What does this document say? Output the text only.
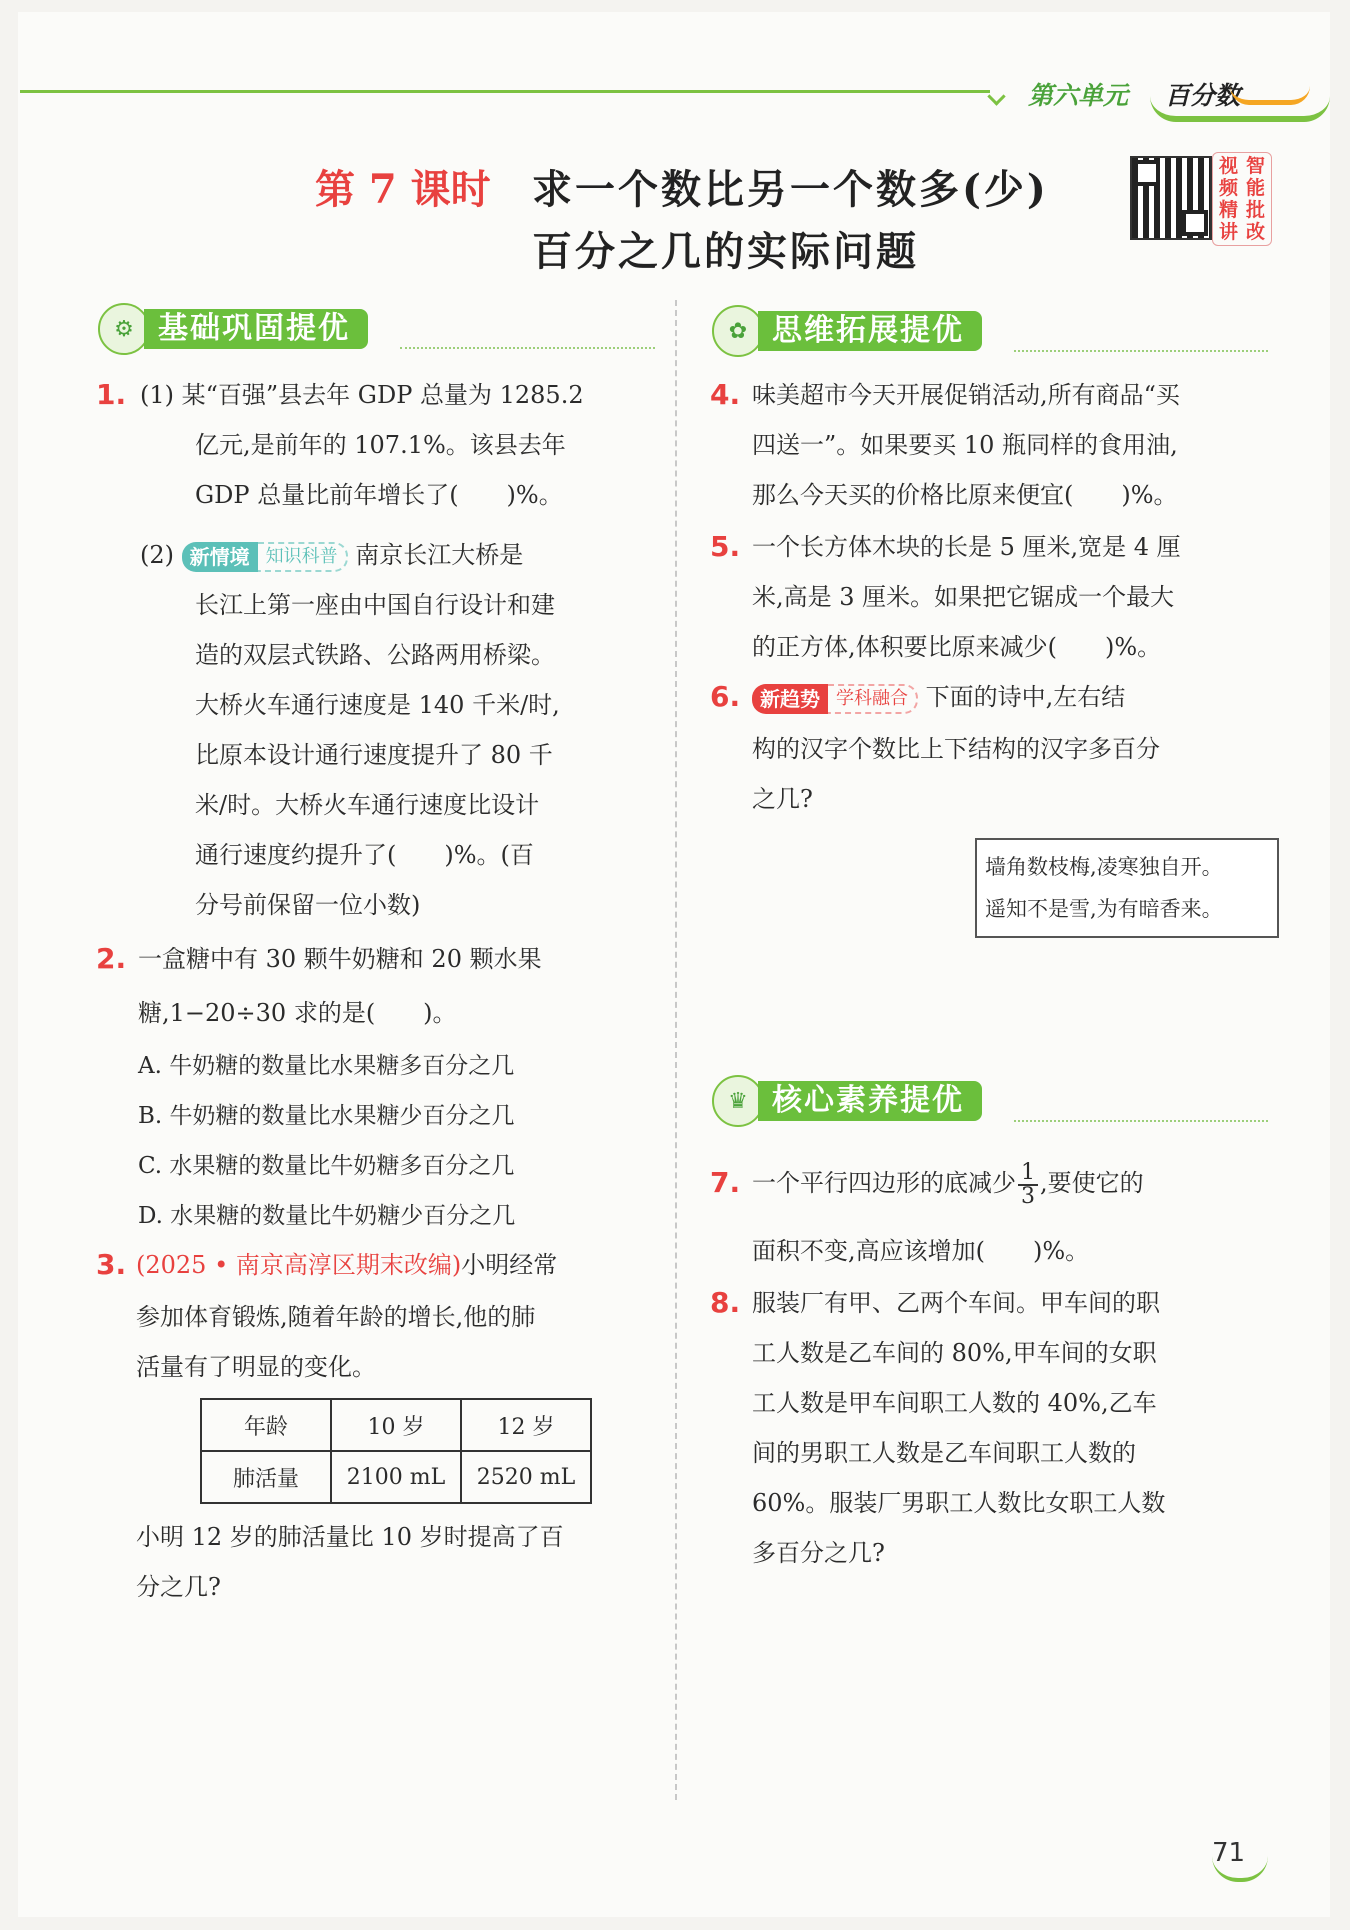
第六单元 百分数
第 7 课时 求一个数比另一个数多(少)
百分之几的实际问题
视 智
频 能
精 批
讲 改
⚙ 基础巩固提优
1. (1) 某“百强”县去年 GDP 总量为 1285.2
亿元,是前年的 107.1%。该县去年
GDP 总量比前年增长了(　　)%。
(2) 新情境 知识科普 南京长江大桥是
长江上第一座由中国自行设计和建
造的双层式铁路、公路两用桥梁。
大桥火车通行速度是 140 千米/时,
比原本设计通行速度提升了 80 千
米/时。大桥火车通行速度比设计
通行速度约提升了(　　)%。(百
分号前保留一位小数)
2. 一盒糖中有 30 颗牛奶糖和 20 颗水果
糖,1−20÷30 求的是(　　)。
A. 牛奶糖的数量比水果糖多百分之几
B. 牛奶糖的数量比水果糖少百分之几
C. 水果糖的数量比牛奶糖多百分之几
D. 水果糖的数量比牛奶糖少百分之几
3. (2025 • 南京高淳区期末改编)小明经常
参加体育锻炼,随着年龄的增长,他的肺
活量有了明显的变化。
年龄	10 岁	12 岁
肺活量	2100 mL	2520 mL
小明 12 岁的肺活量比 10 岁时提高了百
分之几?
✿ 思维拓展提优
4. 味美超市今天开展促销活动,所有商品“买
四送一”。如果要买 10 瓶同样的食用油,
那么今天买的价格比原来便宜(　　)%。
5. 一个长方体木块的长是 5 厘米,宽是 4 厘
米,高是 3 厘米。如果把它锯成一个最大
的正方体,体积要比原来减少(　　)%。
6. 新趋势 学科融合 下面的诗中,左右结
构的汉字个数比上下结构的汉字多百分
之几?
墙角数枝梅,凌寒独自开。
遥知不是雪,为有暗香来。
♛ 核心素养提优
7. 一个平行四边形的底减少 $\frac{1}{3}$ ,要使它的
面积不变,高应该增加(　　)%。
8. 服装厂有甲、乙两个车间。甲车间的职
工人数是乙车间的 80%,甲车间的女职
工人数是甲车间职工人数的 40%,乙车
间的男职工人数是乙车间职工人数的
60%。服装厂男职工人数比女职工人数
多百分之几?
71
